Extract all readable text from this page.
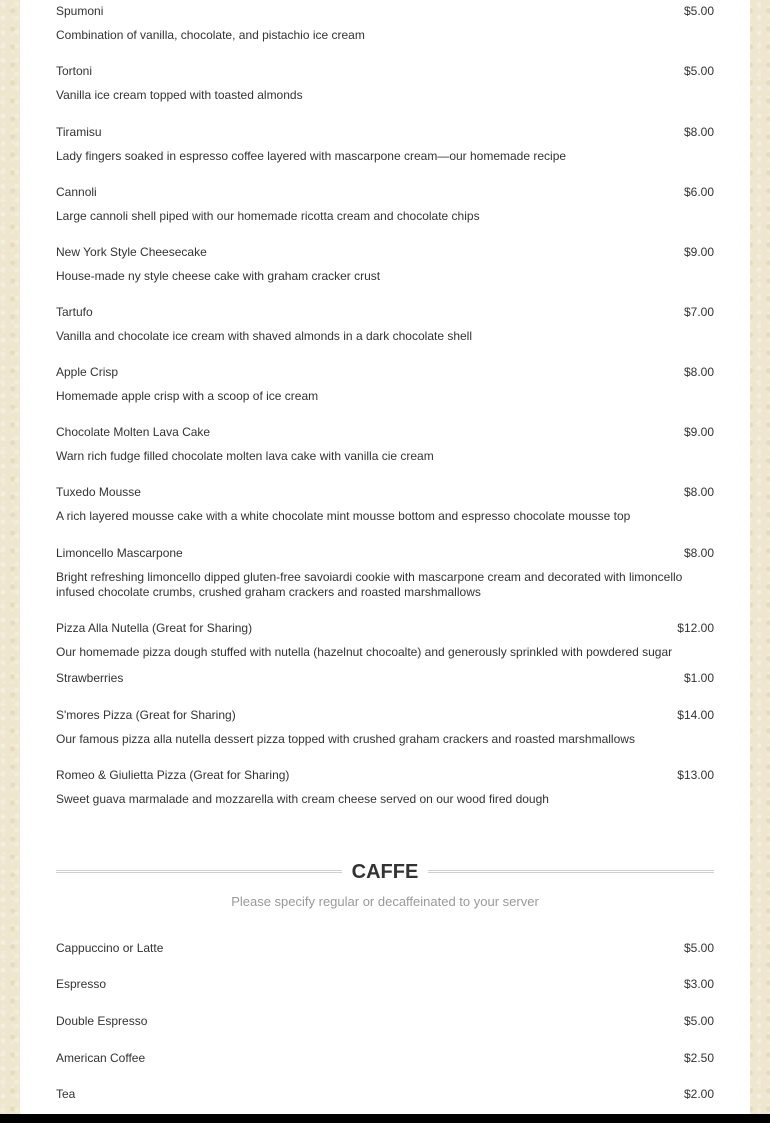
Spumoni	$5.00
Combination of vanilla, chocolate, and pistachio ice cream
Tortoni	$5.00
Vanilla ice cream topped with toasted almonds
Tiramisu	$8.00
Lady fingers soaked in espresso coffee layered with mascarpone cream—our homemade recipe
Cannoli	$6.00
Large cannoli shell piped with our homemade ricotta cream and chocolate chips
New York Style Cheesecake	$9.00
House-made ny style cheese cake with graham cracker crust
Tartufo	$7.00
Vanilla and chocolate ice cream with shaved almonds in a dark chocolate shell
Apple Crisp	$8.00
Homemade apple crisp with a scoop of ice cream
Chocolate Molten Lava Cake	$9.00
Warn rich fudge filled chocolate molten lava cake with vanilla cie cream
Tuxedo Mousse	$8.00
A rich layered mousse cake with a white chocolate mint mousse bottom and espresso chocolate mousse top
Limoncello Mascarpone	$8.00
Bright refreshing limoncello dipped gluten-free savoiardi cookie with mascarpone cream and decorated with limoncello infused chocolate crumbs, crushed graham crackers and roasted marshmallows
Pizza Alla Nutella (Great for Sharing)	$12.00
Our homemade pizza dough stuffed with nutella (hazelnut chocoalte) and generously sprinkled with powdered sugar
Strawberries	$1.00
S'mores Pizza (Great for Sharing)	$14.00
Our famous pizza alla nutella dessert pizza topped with crushed graham crackers and roasted marshmallows
Romeo & Giulietta Pizza (Great for Sharing)	$13.00
Sweet guava marmalade and mozzarella with cream cheese served on our wood fired dough
CAFFE
Please specify regular or decaffeinated to your server
Cappuccino or Latte	$5.00
Espresso	$3.00
Double Espresso	$5.00
American Coffee	$2.50
Tea	$2.00
